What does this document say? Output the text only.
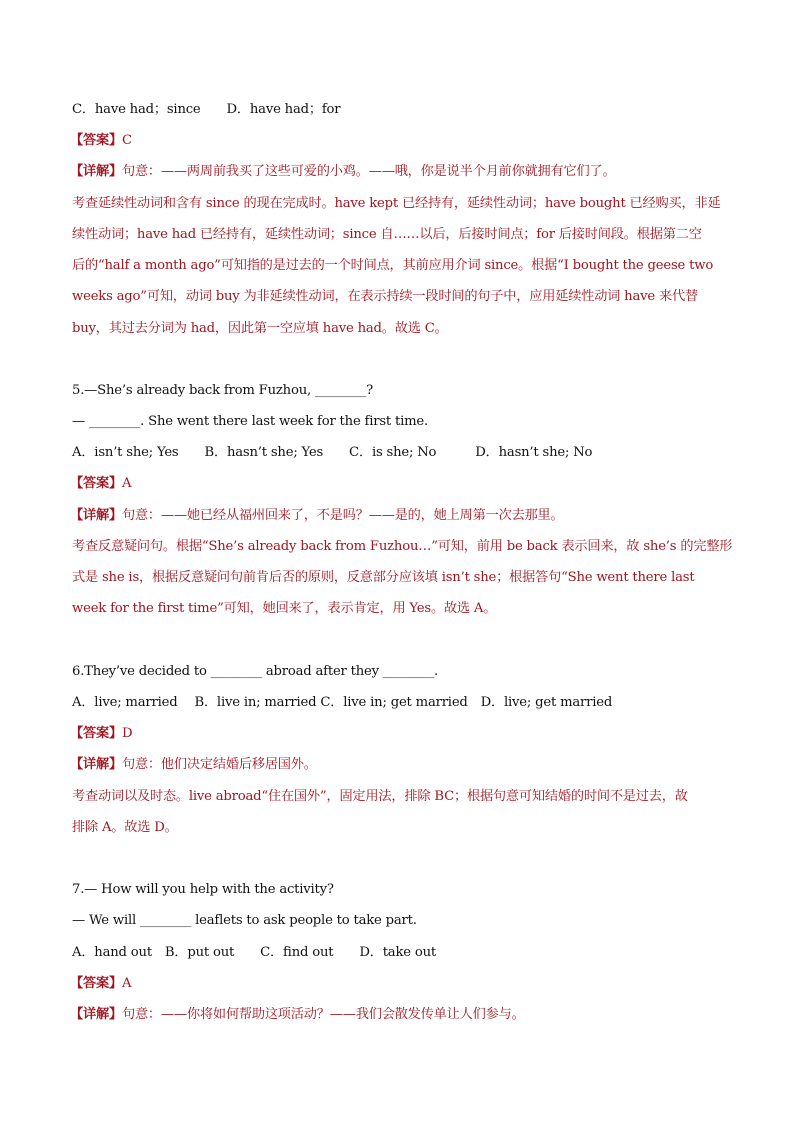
C．have had；since　　D．have had；for
【答案】C
【详解】句意：——两周前我买了这些可爱的小鸡。——哦，你是说半个月前你就拥有它们了。
考查延续性动词和含有 since 的现在完成时。have kept 已经持有，延续性动词；have bought 已经购买，非延
续性动词；have had 已经持有，延续性动词；since 自……以后，后接时间点；for 后接时间段。根据第二空
后的“half a month ago”可知指的是过去的一个时间点，其前应用介词 since。根据“I bought the geese two
weeks ago”可知，动词 buy 为非延续性动词，在表示持续一段时间的句子中，应用延续性动词 have 来代替
buy，其过去分词为 had，因此第一空应填 have had。故选 C。
5.—She’s already back from Fuzhou, ________?
— ________. She went there last week for the first time.
A．isn’t she; Yes　　B．hasn’t she; Yes　　C．is she; No　　　D．hasn’t she; No
【答案】A
【详解】句意：——她已经从福州回来了，不是吗？——是的，她上周第一次去那里。
考查反意疑问句。根据“She’s already back from Fuzhou…”可知，前用 be back 表示回来，故 she’s 的完整形
式是 she is，根据反意疑问句前肯后否的原则，反意部分应该填 isn’t she；根据答句“She went there last
week for the first time”可知，她回来了，表示肯定，用 Yes。故选 A。
6.They’ve decided to ________ abroad after they ________.
A．live; married　 B．live in; married C．live in; get married　D．live; get married
【答案】D
【详解】句意：他们决定结婚后移居国外。
考查动词以及时态。live abroad“住在国外”，固定用法，排除 BC；根据句意可知结婚的时间不是过去，故
排除 A。故选 D。
7.— How will you help with the activity?
— We will ________ leaflets to ask people to take part.
A．hand out　B．put out　　C．find out　　D．take out
【答案】A
【详解】句意：——你将如何帮助这项活动？——我们会散发传单让人们参与。
